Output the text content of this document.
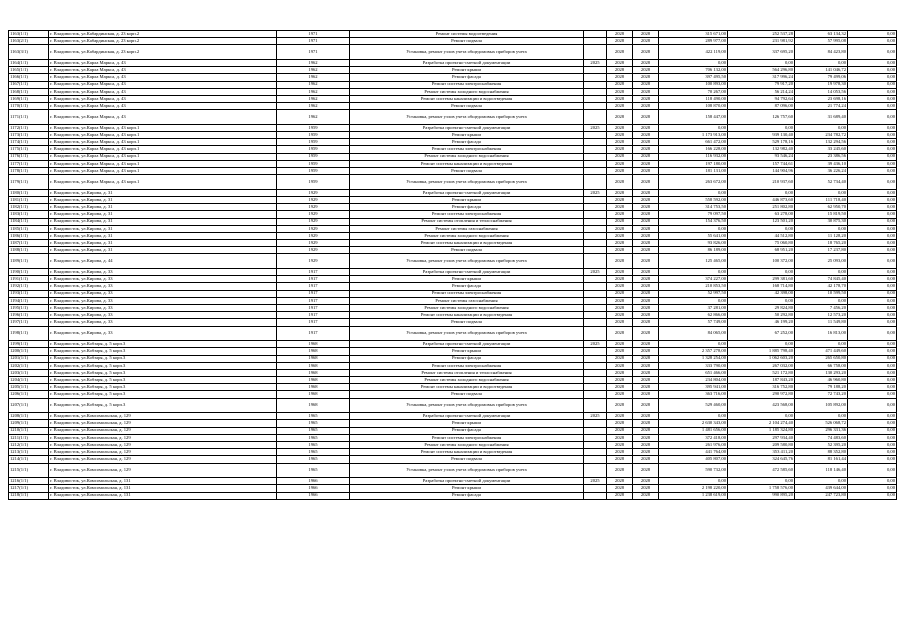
1163(1/1)	г. Владивосток, ул.Кабардинская, д. 23 корп.2	1971	Ремонт системы водоотведения		2028	2028	315 671,00	252 537,28	63 134,32	0,00
1163(2/1)	г. Владивосток, ул.Кабардинская, д. 23 корп.2	1971	Ремонт подвала		2028	2028	289 977,00	231 981,92	57 995,08	0,00
1163(3/1)	г. Владивосток, ул.Кабардинская, д. 23 корп.2	1971	Установка, ремонт узлов учета общедомовых приборов учета		2028	2028	422 119,00	337 695,20	84 423,80	0,00
1164(1/1)	г. Владивосток, ул.Карла Маркса, д. 43	1962	Разработка проектно-сметной документации	2025	2028	2028	0,00	0,00	0,00	0,00
1165(1/1)	г. Владивосток, ул.Карла Маркса, д. 43	1962	Ремонт крыши		2028	2028	706 132,00	564 296,80	141 046,72	0,00
1166(1/1)	г. Владивосток, ул.Карла Маркса, д. 43	1962	Ремонт фасада		2028	2028	397 495,50	317 996,24	79 499,06	0,00
1167(1/1)	г. Владивосток, ул.Карла Маркса, д. 43	1962	Ремонт системы электроснабжения		2028	2028	100 893,00	79 917,20	19 978,30	0,00
1168(1/1)	г. Владивосток, ул.Карла Маркса, д. 43	1962	Ремонт системы холодного водоснабжения		2028	2028	70 267,00	56 214,24	14 053,56	0,00
1169(1/1)	г. Владивосток, ул.Карла Маркса, д. 43	1962	Ремонт системы канализации и водоотведения		2028	2028	118 490,00	94 792,64	23 698,16	0,00
1170(1/1)	г. Владивосток, ул.Карла Маркса, д. 43	1962	Ремонт подвала		2028	2028	108 870,00	87 096,00	21 774,24	0,00
1171(1/1)	г. Владивосток, ул.Карла Маркса, д. 43	1962	Установка, ремонт узлов учета общедомовых приборов учета		2028	2028	158 447,00	126 757,60	31 689,40	0,00
1172(1/1)	г. Владивосток, ул.Карла Маркса, д. 43 корп.1	1959	Разработка проектно-сметной документации	2025	2028	2028	0,00	0,00	0,00	0,00
1173(1/1)	г. Владивосток, ул.Карла Маркса, д. 43 корп.1	1959	Ремонт крыши		2028	2028	1 173 913,00	939 130,40	234 782,72	0,00
1174(1/1)	г. Владивосток, ул.Карла Маркса, д. 43 корп.1	1959	Ремонт фасада		2028	2028	661 472,00	529 178,16	132 294,56	0,00
1175(1/1)	г. Владивосток, ул.Карла Маркса, д. 43 корп.1	1959	Ремонт системы электроснабжения		2028	2028	166 228,00	132 982,40	33 245,60	0,00
1176(1/1)	г. Владивосток, ул.Карла Маркса, д. 43 корп.1	1959	Ремонт системы холодного водоснабжения		2028	2028	116 932,00	93 546,24	23 386,56	0,00
1177(1/1)	г. Владивосток, ул.Карла Маркса, д. 43 корп.1	1959	Ремонт системы канализации и водоотведения		2028	2028	197 180,00	157 744,61	39 436,10	0,00
1178(1/1)	г. Владивосток, ул.Карла Маркса, д. 43 корп.1	1959	Ремонт подвала		2028	2028	181 131,00	144 904,96	36 226,24	0,00
1179(1/1)	г. Владивосток, ул.Карла Маркса, д. 43 корп.1	1959	Установка, ремонт узлов учета общедомовых приборов учета		2028	2028	263 672,00	210 937,60	52 734,40	0,00
1180(1/1)	г. Владивосток, ул.Кирова, д. 31	1929	Разработка проектно-сметной документации	2025	2028	2028	0,00	0,00	0,00	0,00
1181(1/1)	г. Владивосток, ул.Кирова, д. 31	1929	Ремонт крыши		2028	2028	558 592,00	446 873,60	111 718,40	0,00
1182(1/1)	г. Владивосток, ул.Кирова, д. 31	1929	Ремонт фасада		2028	2028	314 753,50	251 802,80	62 950,70	0,00
1183(1/1)	г. Владивосток, ул.Кирова, д. 31	1929	Ремонт системы электроснабжения		2028	2028	79 097,50	63 278,00	15 819,50	0,00
1184(1/1)	г. Владивосток, ул.Кирова, д. 31	1929	Ремонт системы отопления и теплоснабжения		2028	2028	154 376,50	123 501,20	30 875,30	0,00
1185(1/1)	г. Владивосток, ул.Кирова, д. 31	1929	Ремонт системы газоснабжения		2028	2028	0,00	0,00	0,00	0,00
1186(1/1)	г. Владивосток, ул.Кирова, д. 31	1929	Ремонт системы холодного водоснабжения		2028	2028	55 641,00	44 512,80	11 128,20	0,00
1187(1/1)	г. Владивосток, ул.Кирова, д. 31	1929	Ремонт системы канализации и водоотведения		2028	2028	93 826,00	75 060,80	18 765,20	0,00
1188(1/1)	г. Владивосток, ул.Кирова, д. 31	1929	Ремонт подвала		2028	2028	86 189,00	68 951,20	17 237,80	0,00
1189(1/1)	г. Владивосток, ул.Кирова, д. 44	1929	Установка, ремонт узлов учета общедомовых приборов учета		2028	2028	125 465,00	100 372,00	25 093,00	0,00
1190(1/1)	г. Владивосток, ул.Кирова, д. 33	1917	Разработка проектно-сметной документации	2025	2028	2028	0,00	0,00	0,00	0,00
1191(1/1)	г. Владивосток, ул.Кирова, д. 33	1917	Ремонт крыши		2028	2028	374 227,00	299 381,60	74 845,40	0,00
1192(1/1)	г. Владивосток, ул.Кирова, д. 33	1917	Ремонт фасада		2028	2028	210 853,50	168 714,80	42 178,70	0,00
1193(1/1)	г. Владивосток, ул.Кирова, д. 33	1917	Ремонт системы электроснабжения		2028	2028	52 997,50	42 398,00	10 599,50	0,00
1194(1/1)	г. Владивосток, ул.Кирова, д. 33	1917	Ремонт системы газоснабжения		2028	2028	0,00	0,00	0,00	0,00
1195(1/1)	г. Владивосток, ул.Кирова, д. 33	1917	Ремонт системы холодного водоснабжения		2028	2028	37 281,00	29 824,80	7 456,20	0,00
1196(1/1)	г. Владивосток, ул.Кирова, д. 33	1917	Ремонт системы канализации и водоотведения		2028	2028	62 866,00	50 292,80	12 573,20	0,00
1197(1/1)	г. Владивосток, ул.Кирова, д. 33	1917	Ремонт подвала		2028	2028	57 749,00	46 199,20	11 549,80	0,00
1198(1/1)	г. Владивосток, ул.Кирова, д. 33	1917	Установка, ремонт узлов учета общедомовых приборов учета		2028	2028	84 065,00	67 252,00	16 813,00	0,00
1199(1/1)	г. Владивосток, ул.Кобзаря, д. 5 корп.3	1968	Разработка проектно-сметной документации	2025	2028	2028	0,00	0,00	0,00	0,00
1200(1/1)	г. Владивосток, ул.Кобзаря, д. 5 корп.3	1968	Ремонт крыши		2028	2028	2 357 278,00	1 885 798,40	471 449,60	0,00
1201(1/1)	г. Владивосток, ул.Кобзаря, д. 5 корп.3	1968	Ремонт фасада		2028	2028	1 328 254,00	1 062 603,20	265 650,80	0,00
1202(1/1)	г. Владивосток, ул.Кобзаря, д. 5 корп.3	1968	Ремонт системы электроснабжения		2028	2028	333 790,00	267 032,00	66 758,00	0,00
1203(1/1)	г. Владивосток, ул.Кобзаря, д. 5 корп.3	1968	Ремонт системы отопления и теплоснабжения		2028	2028	651 466,00	521 172,80	130 293,20	0,00
1204(1/1)	г. Владивосток, ул.Кобзаря, д. 5 корп.3	1968	Ремонт системы холодного водоснабжения		2028	2028	234 804,00	187 843,20	46 960,80	0,00
1205(1/1)	г. Владивосток, ул.Кобзаря, д. 5 корп.3	1968	Ремонт системы канализации и водоотведения		2028	2028	395 941,00	316 752,80	79 188,20	0,00
1206(1/1)	г. Владивосток, ул.Кобзаря, д. 5 корп.3	1968	Ремонт подвала		2028	2028	363 716,00	290 972,80	72 743,20	0,00
1207(1/1)	г. Владивосток, ул.Кобзаря, д. 5 корп.3	1968	Установка, ремонт узлов учета общедомовых приборов учета		2028	2028	529 460,00	423 568,00	105 892,00	0,00
1208(1/1)	г. Владивосток, ул.Комсомольская, д. 129	1965	Разработка проектно-сметной документации	2025	2028	2028	0,00	0,00	0,00	0,00
1209(1/1)	г. Владивосток, ул.Комсомольская, д. 129	1965	Ремонт крыши		2028	2028	2 630 343,00	2 104 274,40	526 068,72	0,00
1210(1/1)	г. Владивосток, ул.Комсомольская, д. 129	1965	Ремонт фасада		2028	2028	1 481 656,00	1 185 324,80	296 331,36	0,00
1211(1/1)	г. Владивосток, ул.Комсомольская, д. 129	1965	Ремонт системы электроснабжения		2028	2028	372 418,00	297 934,40	74 483,60	0,00
1212(1/1)	г. Владивосток, ул.Комсомольская, д. 129	1965	Ремонт системы холодного водоснабжения		2028	2028	261 976,00	209 580,80	52 395,20	0,00
1213(1/1)	г. Владивосток, ул.Комсомольская, д. 129	1965	Ремонт системы канализации и водоотведения		2028	2028	441 764,00	353 411,20	88 352,80	0,00
1214(1/1)	г. Владивосток, ул.Комсомольская, д. 129	1965	Ремонт подвала		2028	2028	405 807,00	324 645,76	81 161,44	0,00
1215(1/1)	г. Владивосток, ул.Комсомольская, д. 129	1965	Установка, ремонт узлов учета общедомовых приборов учета		2028	2028	590 732,00	472 585,60	118 146,40	0,00
1216(1/1)	г. Владивосток, ул.Комсомольская, д. 131	1966	Разработка проектно-сметной документации	2025	2028	2028	0,00	0,00	0,00	0,00
1217(1/1)	г. Владивосток, ул.Комсомольская, д. 131	1966	Ремонт крыши		2028	2028	2 198 220,00	1 758 576,00	439 644,00	0,00
1218(1/1)	г. Владивосток, ул.Комсомольская, д. 131	1966	Ремонт фасада		2028	2028	1 238 619,00	990 895,20	247 723,80	0,00
